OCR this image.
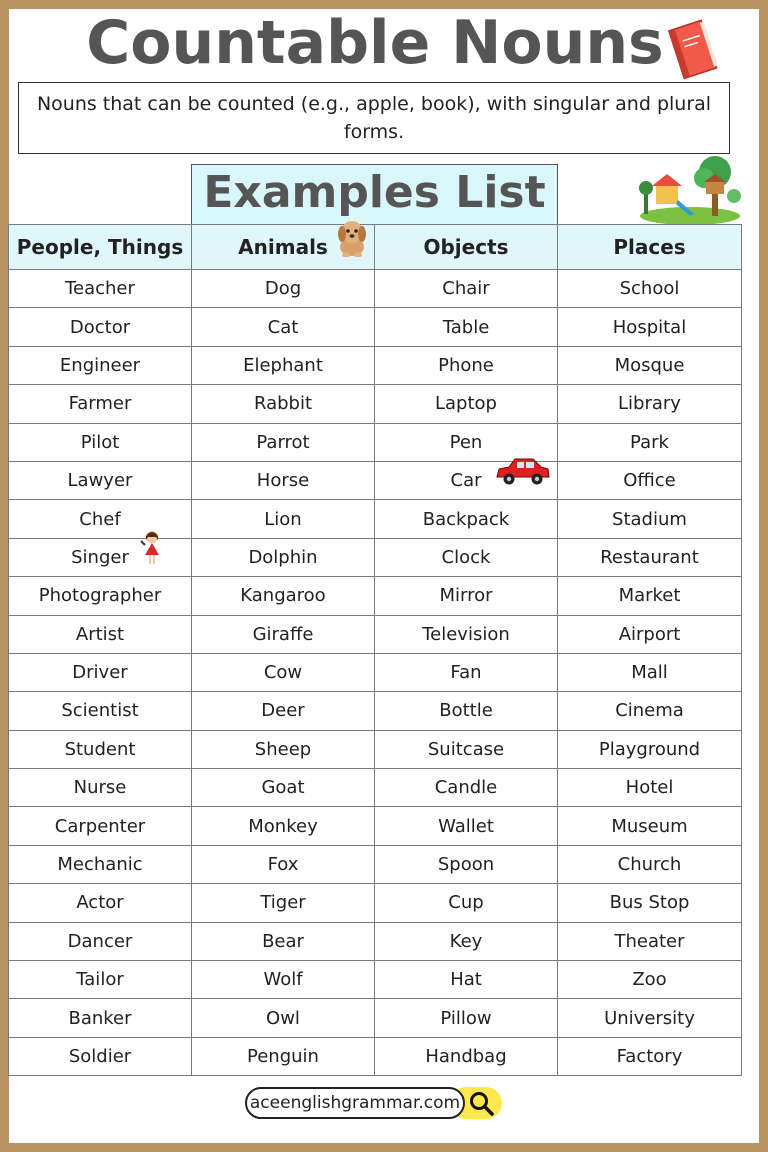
Countable Nouns
Nouns that can be counted (e.g., apple, book), with singular and plural forms.
Examples List
People, Things	Animals	Objects	Places

Teacher	Dog	Chair	School

Doctor	Cat	Table	Hospital

Engineer	Elephant	Phone	Mosque

Farmer	Rabbit	Laptop	Library

Pilot	Parrot	Pen	Park

Lawyer	Horse	Car	Office

Chef	Lion	Backpack	Stadium

Singer	Dolphin	Clock	Restaurant

Photographer	Kangaroo	Mirror	Market

Artist	Giraffe	Television	Airport

Driver	Cow	Fan	Mall

Scientist	Deer	Bottle	Cinema

Student	Sheep	Suitcase	Playground

Nurse	Goat	Candle	Hotel

Carpenter	Monkey	Wallet	Museum

Mechanic	Fox	Spoon	Church

Actor	Tiger	Cup	Bus Stop

Dancer	Bear	Key	Theater

Tailor	Wolf	Hat	Zoo

Banker	Owl	Pillow	University

Soldier	Penguin	Handbag	Factory
aceenglishgrammar.com
